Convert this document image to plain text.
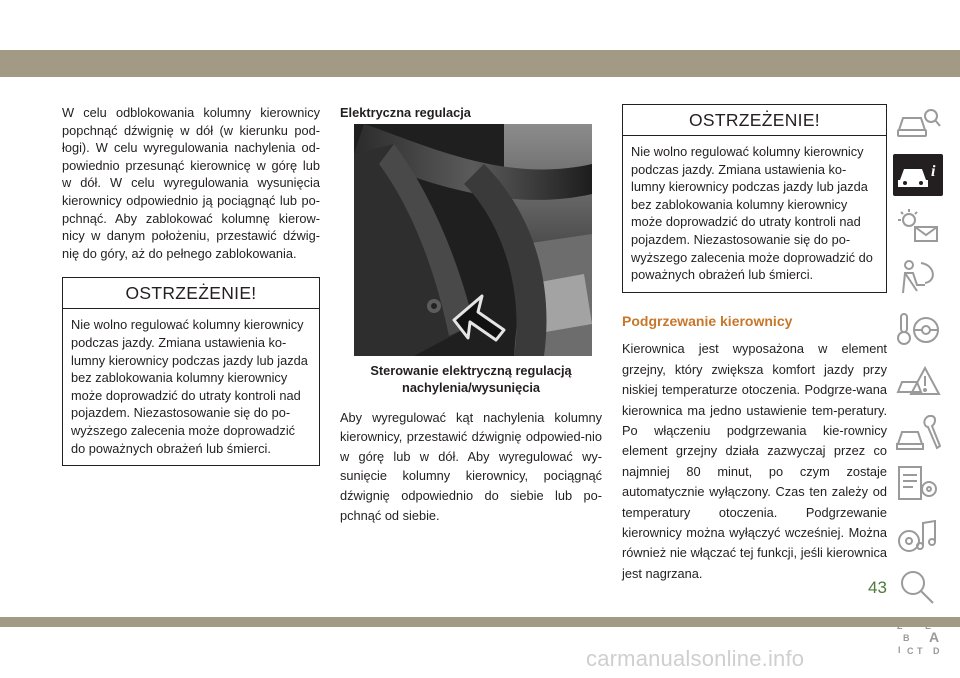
W celu odblokowania kolumny kierownicy popchnąć dźwignię w dół (w kierunku pod-łogi). W celu wyregulowania nachylenia od-powiednio przesunąć kierownicę w górę lub w dół. W celu wyregulowania wysunięcia kierownicy odpowiednio ją pociągnąć lub po-pchnąć. Aby zablokować kolumnę kierow-nicy w danym położeniu, przestawić dźwig-nię do góry, aż do pełnego zablokowania.

OSTRZEŻENIE!
Nie wolno regulować kolumny kierownicy podczas jazdy. Zmiana ustawienia ko-lumny kierownicy podczas jazdy lub jazda bez zablokowania kolumny kierownicy może doprowadzić do utraty kontroli nad pojazdem. Niezastosowanie się do po-wyższego zalecenia może doprowadzić do poważnych obrażeń lub śmierci.
Elektryczna regulacja
Sterowanie elektryczną regulacją
nachylenia/wysunięcia

Aby wyregulować kąt nachylenia kolumny kierownicy, przestawić dźwignię odpowied-nio w górę lub w dół. Aby wyregulować wy-sunięcie kolumny kierownicy, pociągnąć dźwignię odpowiednio do siebie lub po-pchnąć od siebie.

OSTRZEŻENIE!
Nie wolno regulować kolumny kierownicy podczas jazdy. Zmiana ustawienia ko-lumny kierownicy podczas jazdy lub jazda bez zablokowania kolumny kierownicy może doprowadzić do utraty kontroli nad pojazdem. Niezastosowanie się do po-wyższego zalecenia może doprowadzić do poważnych obrażeń lub śmierci.
Podgrzewanie kierownicy

Kierownica jest wyposażona w element grzejny, który zwiększa komfort jazdy przy niskiej temperaturze otoczenia. Podgrze-wana kierownica ma jedno ustawienie tem-peratury. Po włączeniu podgrzewania kie-rownicy element grzejny działa zazwyczaj przez co najmniej 80 minut, po czym zostaje automatycznie wyłączony. Czas ten zależy od temperatury otoczenia. Podgrzewanie kierownicy można wyłączyć wcześniej. Można również nie włączać tej funkcji, jeśli kierownica jest nagrzana.

i
B A
C D
I T
43
carmanualsonline.info
